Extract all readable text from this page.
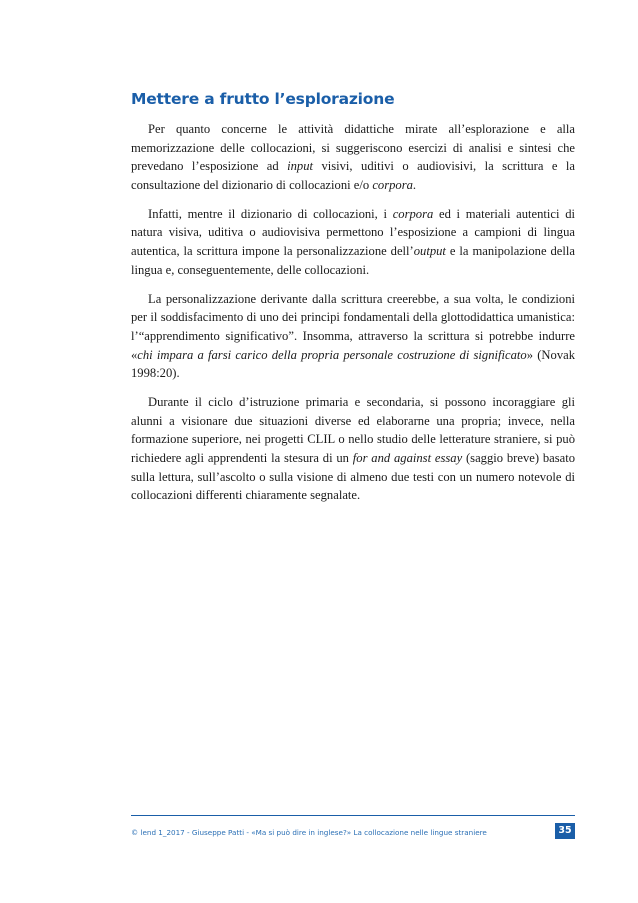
Mettere a frutto l’esplorazione

Per quanto concerne le attività didattiche mirate all’esplorazione e alla memorizzazione delle collocazioni, si suggeriscono esercizi di analisi e sintesi che prevedano l’esposizione ad input visivi, uditivi o audiovisivi, la scrittura e la consultazione del dizionario di collocazioni e/o corpora.

Infatti, mentre il dizionario di collocazioni, i corpora ed i materiali autentici di natura visiva, uditiva o audiovisiva permettono l’esposizione a campioni di lingua autentica, la scrittura impone la personalizzazione dell’output e la manipolazione della lingua e, conseguentemente, delle collocazioni.

La personalizzazione derivante dalla scrittura creerebbe, a sua volta, le condizioni per il soddisfacimento di uno dei principi fondamentali della glottodidattica umanistica: l’“apprendimento significativo”. Insomma, attraverso la scrittura si potrebbe indurre «chi impara a farsi carico della propria personale costruzione di significato» (Novak 1998:20).

Durante il ciclo d’istruzione primaria e secondaria, si possono incoraggiare gli alunni a visionare due situazioni diverse ed elaborarne una propria; invece, nella formazione superiore, nei progetti CLIL o nello studio delle letterature straniere, si può richiedere agli apprendenti la stesura di un for and against essay (saggio breve) basato sulla lettura, sull’ascolto o sulla visione di almeno due testi con un numero notevole di collocazioni differenti chiaramente segnalate.

© lend 1_2017 - Giuseppe Patti - «Ma si può dire in inglese?» La collocazione nelle lingue straniere	35
